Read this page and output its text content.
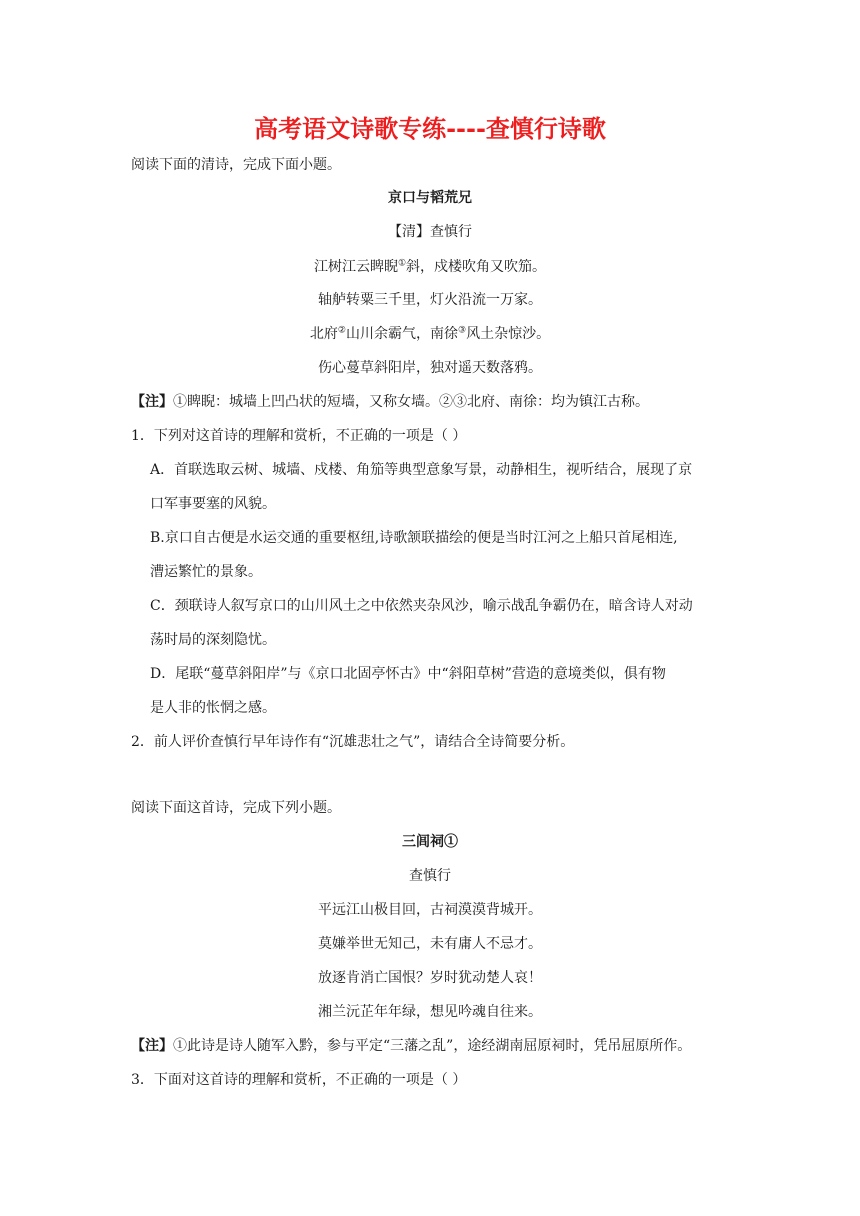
高考语文诗歌专练----查慎行诗歌
阅读下面的清诗，完成下面小题。
京口与韬荒兄
【清】查慎行
江树江云睥睨①斜，戍楼吹角又吹笳。
轴舻转粟三千里，灯火沿流一万家。
北府②山川余霸气，南徐③风土杂惊沙。
伤心蔓草斜阳岸，独对遥天数落鸦。
【注】①睥睨：城墙上凹凸状的短墙，又称女墙。②③北府、南徐：均为镇江古称。
1．下列对这首诗的理解和赏析，不正确的一项是（ ）
A．首联选取云树、城墙、戍楼、角笳等典型意象写景，动静相生，视听结合，展现了京
口军事要塞的风貌。
B.京口自古便是水运交通的重要枢纽,诗歌颔联描绘的便是当时江河之上船只首尾相连,
漕运繁忙的景象。
C．颈联诗人叙写京口的山川风土之中依然夹杂风沙，喻示战乱争霸仍在，暗含诗人对动
荡时局的深刻隐忧。
D．尾联“蔓草斜阳岸”与《京口北固亭怀古》中“斜阳草树”营造的意境类似，俱有物
是人非的怅惘之感。
2．前人评价查慎行早年诗作有“沉雄悲壮之气”，请结合全诗简要分析。
阅读下面这首诗，完成下列小题。
三闾祠①
查慎行
平远江山极目回，古祠漠漠背城开。
莫嫌举世无知己，未有庸人不忌才。
放逐肯消亡国恨？岁时犹动楚人哀！
湘兰沅芷年年绿，想见吟魂自往来。
【注】①此诗是诗人随军入黔，参与平定“三藩之乱”，途经湖南屈原祠时，凭吊屈原所作。
3．下面对这首诗的理解和赏析，不正确的一项是（ ）
